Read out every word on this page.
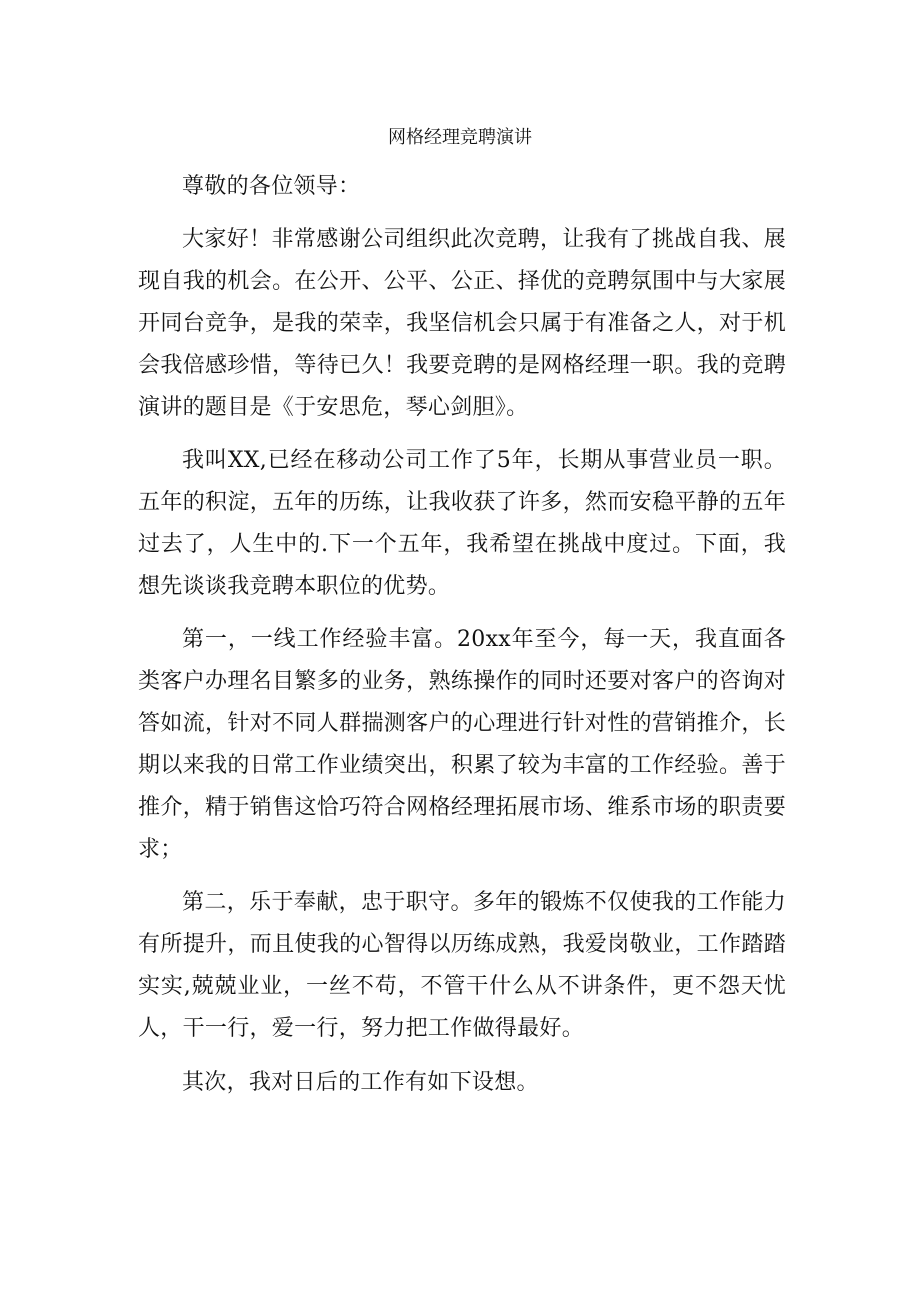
网格经理竞聘演讲

尊敬的各位领导：

大家好！非常感谢公司组织此次竞聘，让我有了挑战自我、展现自我的机会。在公开、公平、公正、择优的竞聘氛围中与大家展开同台竞争，是我的荣幸，我坚信机会只属于有准备之人，对于机会我倍感珍惜，等待已久！我要竞聘的是网格经理一职。我的竞聘演讲的题目是《于安思危，琴心剑胆》。

我叫XX,已经在移动公司工作了5年，长期从事营业员一职。五年的积淀，五年的历练，让我收获了许多，然而安稳平静的五年过去了，人生中的.下一个五年，我希望在挑战中度过。下面，我想先谈谈我竞聘本职位的优势。

第一，一线工作经验丰富。20xx年至今，每一天，我直面各类客户办理名目繁多的业务，熟练操作的同时还要对客户的咨询对答如流，针对不同人群揣测客户的心理进行针对性的营销推介，长期以来我的日常工作业绩突出，积累了较为丰富的工作经验。善于推介，精于销售这恰巧符合网格经理拓展市场、维系市场的职责要求；

第二，乐于奉献，忠于职守。多年的锻炼不仅使我的工作能力有所提升，而且使我的心智得以历练成熟，我爱岗敬业，工作踏踏实实,兢兢业业，一丝不苟，不管干什么从不讲条件，更不怨天忧人，干一行，爱一行，努力把工作做得最好。

其次，我对日后的工作有如下设想。
